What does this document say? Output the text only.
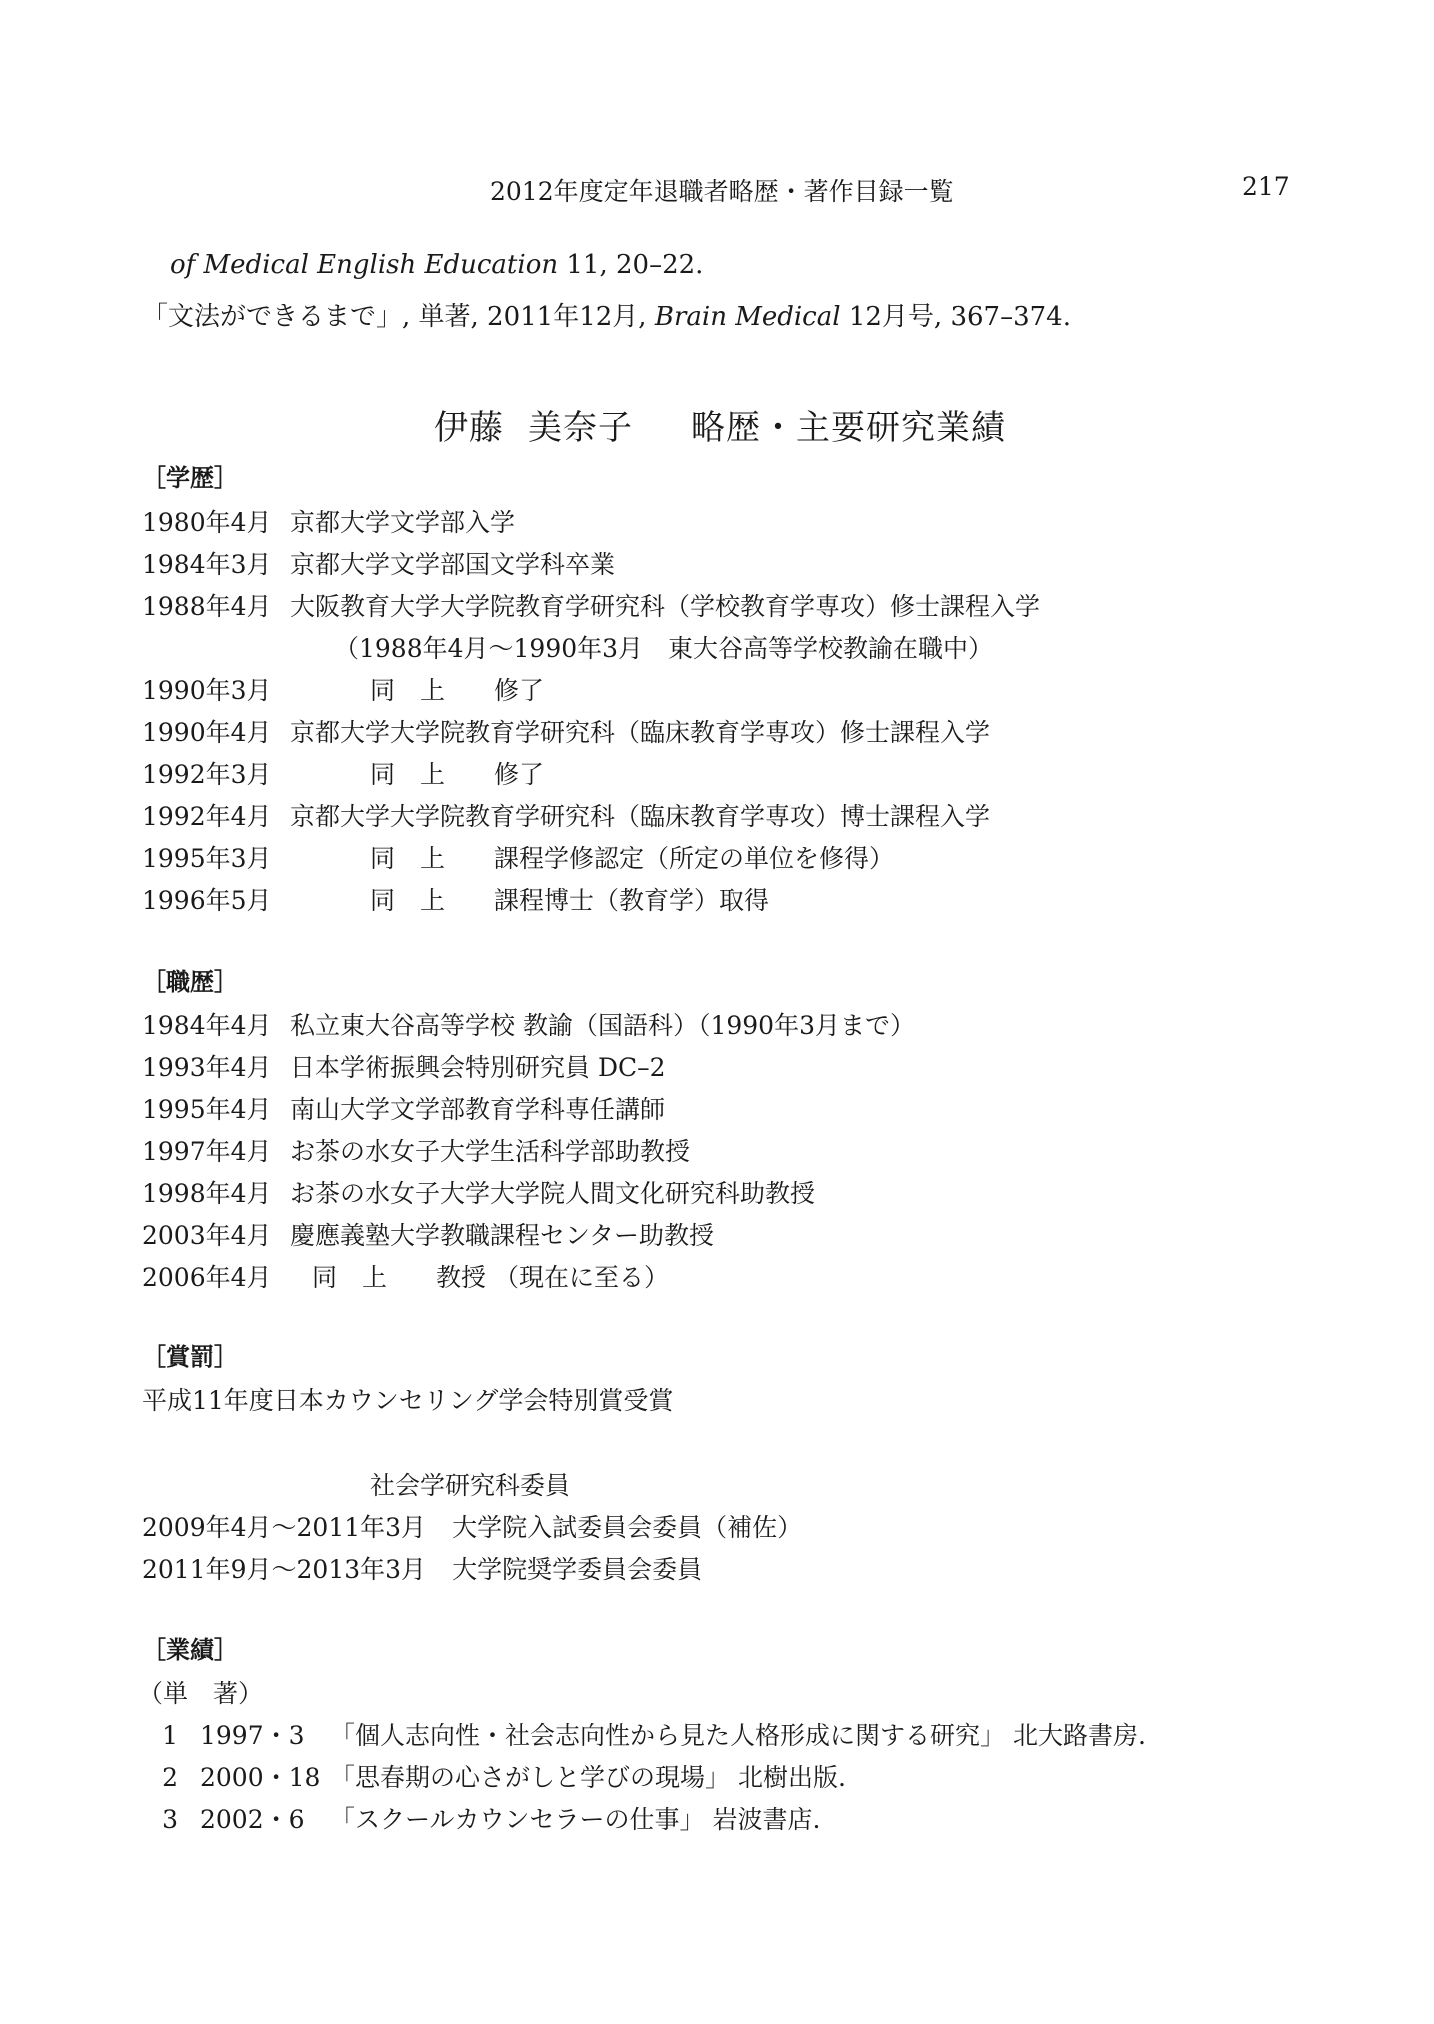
2012年度定年退職者略歴・著作目録一覧	217
of Medical English Education 11, 20–22.
「文法ができるまで」, 単著, 2011年12月, Brain Medical 12月号, 367–374.
伊藤 美奈子 略歴・主要研究業績
［学歴］
1980年4月 京都大学文学部入学
1984年3月 京都大学文学部国文学科卒業
1988年4月 大阪教育大学大学院教育学研究科（学校教育学専攻）修士課程入学
（1988年4月～1990年3月　東大谷高等学校教諭在職中）
1990年3月	同　上 修了
1990年4月 京都大学大学院教育学研究科（臨床教育学専攻）修士課程入学
1992年3月	同　上 修了
1992年4月 京都大学大学院教育学研究科（臨床教育学専攻）博士課程入学
1995年3月	同　上 課程学修認定（所定の単位を修得）
1996年5月	同　上 課程博士（教育学）取得
［職歴］
1984年4月 私立東大谷高等学校 教諭（国語科）（1990年3月まで）
1993年4月 日本学術振興会特別研究員 DC–2
1995年4月 南山大学文学部教育学科専任講師
1997年4月 お茶の水女子大学生活科学部助教授
1998年4月 お茶の水女子大学大学院人間文化研究科助教授
2003年4月 慶應義塾大学教職課程センター助教授
2006年4月 同　上 教授 （現在に至る）
［賞罰］
平成11年度日本カウンセリング学会特別賞受賞
社会学研究科委員
2009年4月～2011年3月 大学院入試委員会委員（補佐）
2011年9月～2013年3月 大学院奨学委員会委員
［業績］
（単　著）
1 1997・3 「個人志向性・社会志向性から見た人格形成に関する研究」 北大路書房.
2 2000・18 「思春期の心さがしと学びの現場」 北樹出版.
3 2002・6 「スクールカウンセラーの仕事」 岩波書店.
